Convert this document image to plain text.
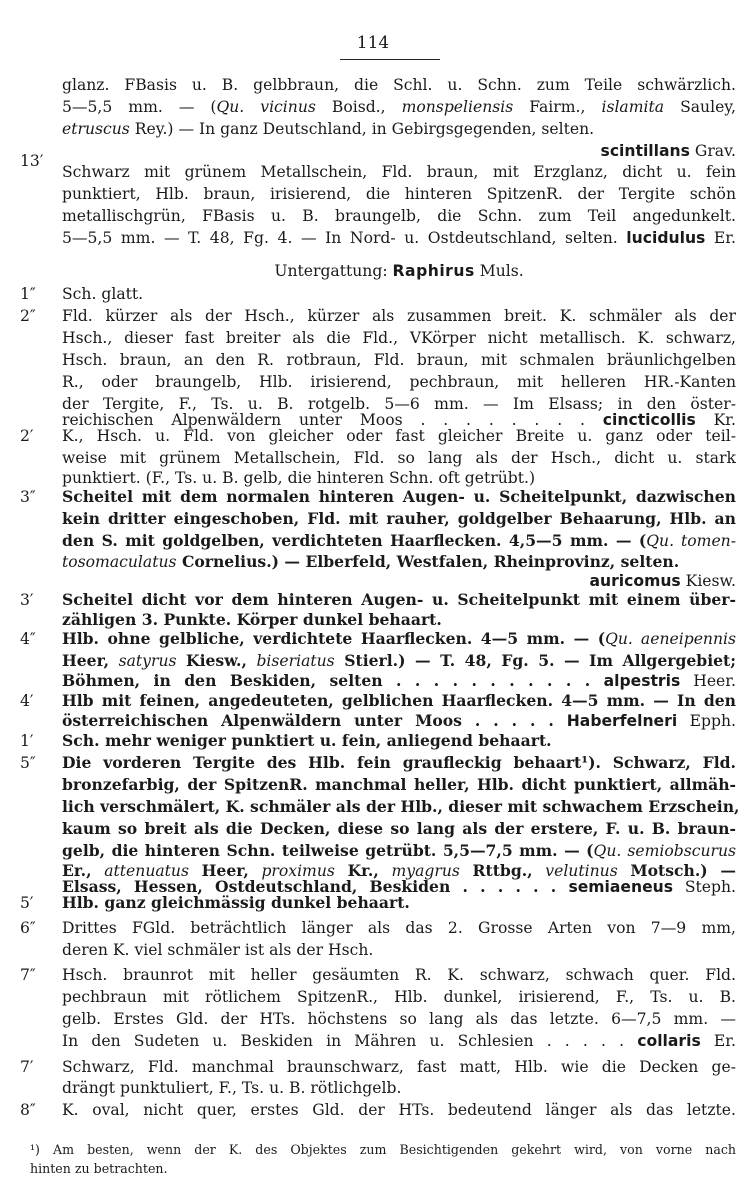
114
13′
1″
2″
2′
3″
3′
4″
4′
1′
5″
5′
6″
7″
7′
8″
glanz. FBasis u. B. gelbbraun, die Schl. u. Schn. zum Teile schwärzlich.
5—5,5 mm. — (Qu. vicinus Boisd., monspeliensis Fairm., islamita Sauley,
etruscus Rey.) — In ganz Deutschland, in Gebirgsgegenden, selten.
scintillans Grav.
Schwarz mit grünem Metallschein, Fld. braun, mit Erzglanz, dicht u. fein
punktiert, Hlb. braun, irisierend, die hinteren SpitzenR. der Tergite schön
metallischgrün, FBasis u. B. braungelb, die Schn. zum Teil angedunkelt.
5—5,5 mm. — T. 48, Fg. 4. — In Nord- u. Ostdeutschland, selten. lucidulus Er.
Untergattung: Raphirus Muls.
Sch. glatt.
Fld. kürzer als der Hsch., kürzer als zusammen breit. K. schmäler als der
Hsch., dieser fast breiter als die Fld., VKörper nicht metallisch. K. schwarz,
Hsch. braun, an den R. rotbraun, Fld. braun, mit schmalen bräunlichgelben
R., oder braungelb, Hlb. irisierend, pechbraun, mit helleren HR.-Kanten
der Tergite, F., Ts. u. B. rotgelb. 5—6 mm. — Im Elsass; in den öster-
reichischen Alpenwäldern unter Moos . . . . . . . . cincticollis Kr.
K., Hsch. u. Fld. von gleicher oder fast gleicher Breite u. ganz oder teil-
weise mit grünem Metallschein, Fld. so lang als der Hsch., dicht u. stark
punktiert. (F., Ts. u. B. gelb, die hinteren Schn. oft getrübt.)
Scheitel mit dem normalen hinteren Augen- u. Scheitelpunkt, dazwischen
kein dritter eingeschoben, Fld. mit rauher, goldgelber Behaarung, Hlb. an
den S. mit goldgelben, verdichteten Haarflecken. 4,5—5 mm. — (Qu. tomen-
tosomaculatus Cornelius.) — Elberfeld, Westfalen, Rheinprovinz, selten.
auricomus Kiesw.
Scheitel dicht vor dem hinteren Augen- u. Scheitelpunkt mit einem über-
zähligen 3. Punkte. Körper dunkel behaart.
Hlb. ohne gelbliche, verdichtete Haarflecken. 4—5 mm. — (Qu. aeneipennis
Heer, satyrus Kiesw., biseriatus Stierl.) — T. 48, Fg. 5. — Im Allgergebiet;
Böhmen, in den Beskiden, selten . . . . . . . . . . . alpestris Heer.
Hlb mit feinen, angedeuteten, gelblichen Haarflecken. 4—5 mm. — In den
österreichischen Alpenwäldern unter Moos . . . . . Haberfelneri Epph.
Sch. mehr weniger punktiert u. fein, anliegend behaart.
Die vorderen Tergite des Hlb. fein graufleckig behaart¹). Schwarz, Fld.
bronzefarbig, der SpitzenR. manchmal heller, Hlb. dicht punktiert, allmäh-
lich verschmälert, K. schmäler als der Hlb., dieser mit schwachem Erzschein,
kaum so breit als die Decken, diese so lang als der erstere, F. u. B. braun-
gelb, die hinteren Schn. teilweise getrübt. 5,5—7,5 mm. — (Qu. semiobscurus
Er., attenuatus Heer, proximus Kr., myagrus Rttbg., velutinus Motsch.) —
Elsass, Hessen, Ostdeutschland, Beskiden . . . . . . semiaeneus Steph.
Hlb. ganz gleichmässig dunkel behaart.
Drittes FGld. beträchtlich länger als das 2. Grosse Arten von 7—9 mm,
deren K. viel schmäler ist als der Hsch.
Hsch. braunrot mit heller gesäumten R. K. schwarz, schwach quer. Fld.
pechbraun mit rötlichem SpitzenR., Hlb. dunkel, irisierend, F., Ts. u. B.
gelb. Erstes Gld. der HTs. höchstens so lang als das letzte. 6—7,5 mm. —
In den Sudeten u. Beskiden in Mähren u. Schlesien . . . . . collaris Er.
Schwarz, Fld. manchmal braunschwarz, fast matt, Hlb. wie die Decken ge-
drängt punktuliert, F., Ts. u. B. rötlichgelb.
K. oval, nicht quer, erstes Gld. der HTs. bedeutend länger als das letzte.
¹) Am besten, wenn der K. des Objektes zum Besichtigenden gekehrt wird, von vorne nach
hinten zu betrachten.
